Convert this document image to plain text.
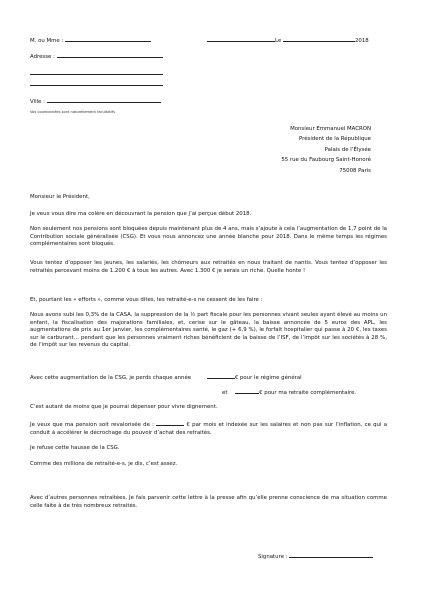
M. ou Mme :	Le	2018
Adresse :
Ville :
Vos coordonnées sont naturellement facultatifs
Monsieur Emmanuel MACRON
Président de la République
Palais de l’Élysée
55 rue du Faubourg Saint-Honoré
75008 Paris
Monsieur le Président,
Je veux vous dire ma colère en découvrant la pension que j’ai perçue début 2018.
Non seulement nos pensions sont bloquées depuis maintenant plus de 4 ans, mais s’ajoute à cela l’augmentation de 1,7 point de la Contribution sociale généralisée (CSG). Et vous nous annoncez une année blanche pour 2018. Dans le même temps les régimes complémentaires sont bloqués.
Vous tentez d’opposer les jeunes, les salariés, les chômeurs aux retraités en nous traitant de nantis. Vous tentez d’opposer les retraités percevant moins de 1.200 € à tous les autres. Avec 1.300 € je serais un riche. Quelle honte !
Et, pourtant les « efforts », comme vous dites, les retraité-e-s ne cessent de les faire :
Nous avons subi les 0,3% de la CASA, la suppression de la ½ part fiscale pour les personnes vivant seules ayant élevé au moins un enfant, la fiscalisation des majorations familiales, et, cerise sur le gâteau, la baisse annoncée de 5 euros des APL, les augmentations de prix au 1er janvier, les complémentaires santé, le gaz (+ 6,9 %), le forfait hospitalier qui passe à 20 €, les taxes sur le carburant… pendant que les personnes vraiment riches bénéficient de la baisse de l’ISF, de l’impôt sur les sociétés à 28 %, de l’impôt sur les revenus du capital.
Avec cette augmentation de la CSG, je perds chaque année	€ pour le régime général
et	€ pour ma retraite complémentaire.
C’est autant de moins que je pourrai dépenser pour vivre dignement.
Je veux que ma pension soit revalorisée de :	€ par mois et indexée sur les salaires et non pas sur l’inflation, ce qui a conduit à accélérer le décrochage du pouvoir d’achat des retraités.
Je refuse cette hausse de la CSG.
Comme des millions de retraité-e-s, je dis, c’est assez.
Avec d’autres personnes retraitées, Je fais parvenir cette lettre à la presse afin qu’elle prenne conscience de ma situation comme celle faite à de très nombreux retraités.
Signature :
